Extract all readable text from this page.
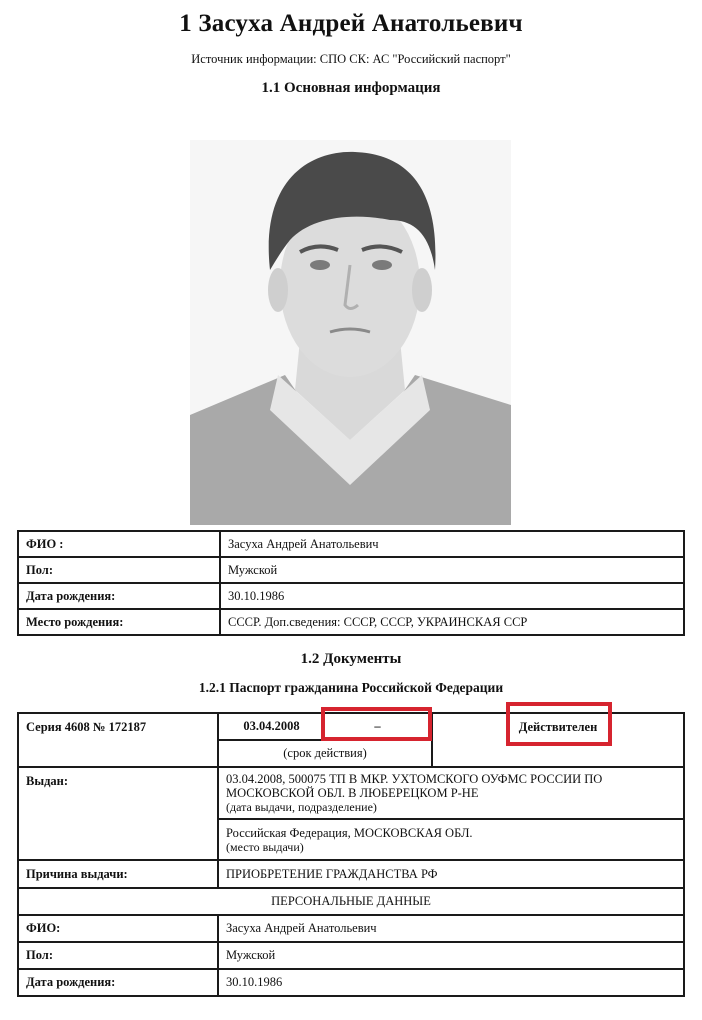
1 Засуха Андрей Анатольевич
Источник информации: СПО СК: АС "Российский паспорт"
1.1 Основная информация
ФИО :	Засуха Андрей Анатольевич
Пол:	Мужской
Дата рождения:	30.10.1986
Место рождения:	СССР. Доп.сведения: СССР, СССР, УКРАИНСКАЯ ССР
1.2 Документы
1.2.1 Паспорт гражданина Российской Федерации
Серия 4608 № 172187	03.04.2008	–	Действителен
	(срок действия)		
Выдан:	03.04.2008, 500075 ТП В МКР. УХТОМСКОГО ОУФМС РОССИИ ПО МОСКОВСКОЙ ОБЛ. В ЛЮБЕРЕЦКОМ Р-НЕ
(дата выдачи, подразделение)		

	Российская Федерация, МОСКОВСКАЯ ОБЛ.
(место выдачи)		

Причина выдачи:	ПРИОБРЕТЕНИЕ ГРАЖДАНСТВА РФ		
ПЕРСОНАЛЬНЫЕ ДАННЫЕ			
ФИО:	Засуха Андрей Анатольевич		
Пол:	Мужской		
Дата рождения:	30.10.1986		
